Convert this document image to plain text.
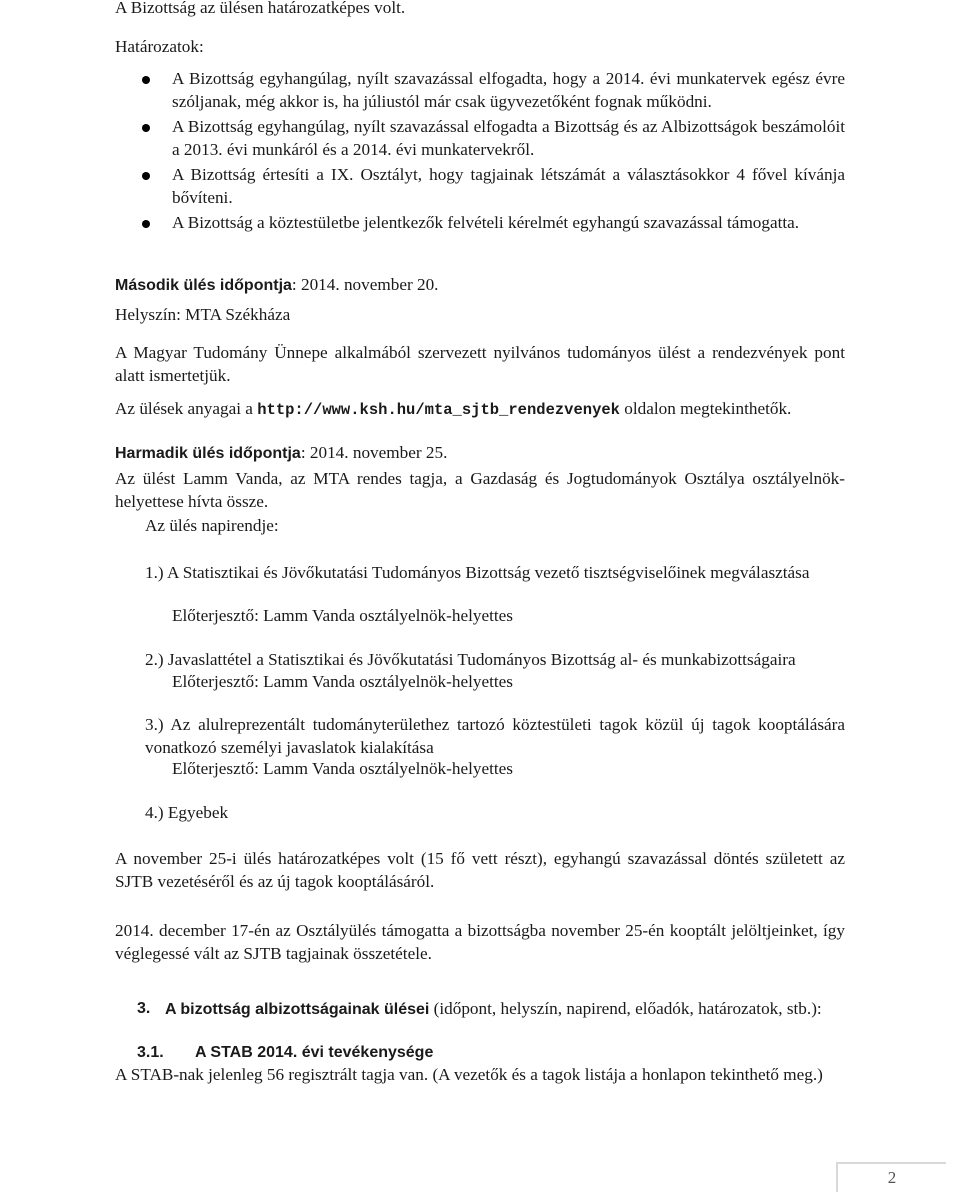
A Bizottság az ülésen határozatképes volt.

Határozatok:

A Bizottság egyhangúlag, nyílt szavazással elfogadta, hogy a 2014. évi munkatervek egész évre szóljanak, még akkor is, ha júliustól már csak ügyvezetőként fognak működni.
A Bizottság egyhangúlag, nyílt szavazással elfogadta a Bizottság és az Albizottságok beszámolóit a 2013. évi munkáról és a 2014. évi munkatervekről.
A Bizottság értesíti a IX. Osztályt, hogy tagjainak létszámát a választásokkor 4 fővel kívánja bővíteni.
A Bizottság a köztestületbe jelentkezők felvételi kérelmét egyhangú szavazással támogatta.

Második ülés időpontja: 2014. november 20.

Helyszín: MTA Székháza

A Magyar Tudomány Ünnepe alkalmából szervezett nyilvános tudományos ülést a rendezvények pont alatt ismertetjük.

Az ülések anyagai a http://www.ksh.hu/mta_sjtb_rendezvenyek oldalon megtekinthetők.

Harmadik ülés időpontja: 2014. november 25.

Az ülést Lamm Vanda, az MTA rendes tagja, a Gazdaság és Jogtudományok Osztálya osztályelnök-helyettese hívta össze.

Az ülés napirendje:

1.) A Statisztikai és Jövőkutatási Tudományos Bizottság vezető tisztségviselőinek megválasztása

Előterjesztő: Lamm Vanda osztályelnök-helyettes

2.) Javaslattétel a Statisztikai és Jövőkutatási Tudományos Bizottság al- és munkabizottságaira

Előterjesztő: Lamm Vanda osztályelnök-helyettes

3.) Az alulreprezentált tudományterülethez tartozó köztestületi tagok közül új tagok kooptálására vonatkozó személyi javaslatok kialakítása

Előterjesztő: Lamm Vanda osztályelnök-helyettes

4.) Egyebek

A november 25-i ülés határozatképes volt (15 fő vett részt), egyhangú szavazással döntés született az SJTB vezetéséről és az új tagok kooptálásáról.

2014. december 17-én az Osztályülés támogatta a bizottságba november 25-én kooptált jelöltjeinket, így véglegessé vált az SJTB tagjainak összetétele.

3. A bizottság albizottságainak ülései (időpont, helyszín, napirend, előadók, határozatok, stb.):

3.1. A STAB 2014. évi tevékenysége

A STAB-nak jelenleg 56 regisztrált tagja van. (A vezetők és a tagok listája a honlapon tekinthető meg.)

2
